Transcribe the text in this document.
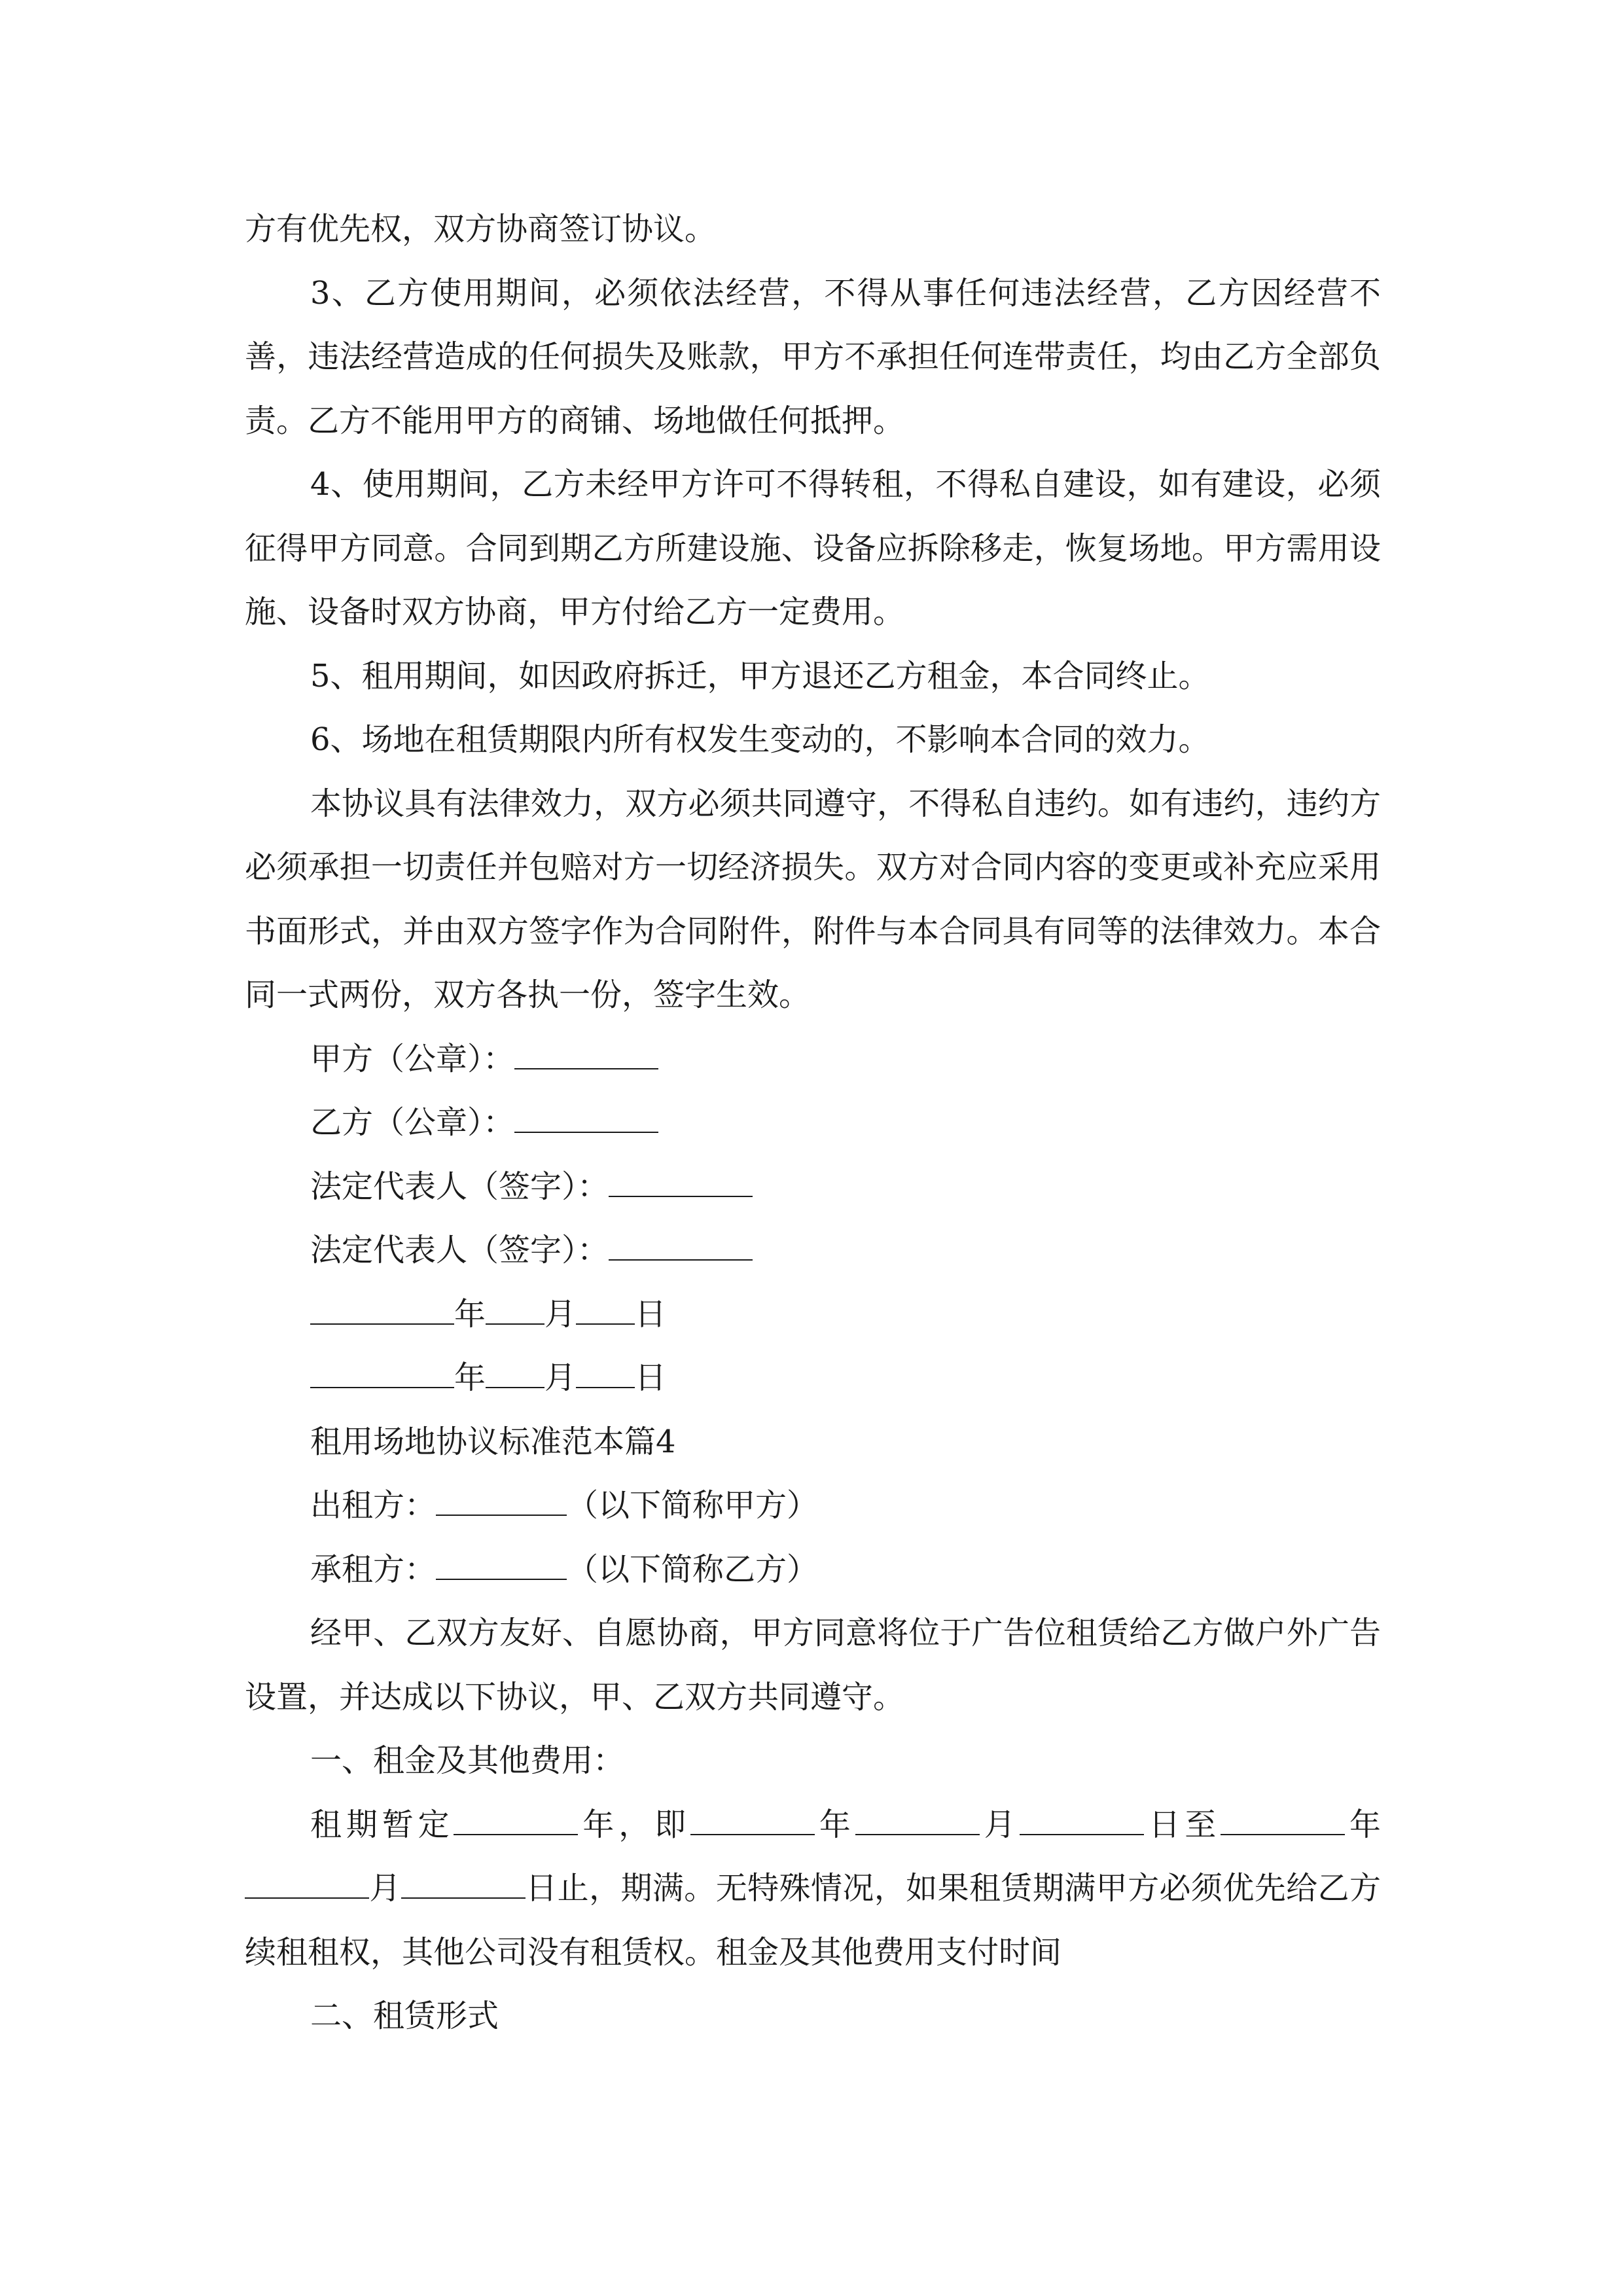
方有优先权，双方协商签订协议。

3、乙方使用期间，必须依法经营，不得从事任何违法经营，乙方因经营不善，违法经营造成的任何损失及账款，甲方不承担任何连带责任，均由乙方全部负责。乙方不能用甲方的商铺、场地做任何抵押。

4、使用期间，乙方未经甲方许可不得转租，不得私自建设，如有建设，必须征得甲方同意。合同到期乙方所建设施、设备应拆除移走，恢复场地。甲方需用设施、设备时双方协商，甲方付给乙方一定费用。

5、租用期间，如因政府拆迁，甲方退还乙方租金，本合同终止。

6、场地在租赁期限内所有权发生变动的，不影响本合同的效力。

本协议具有法律效力，双方必须共同遵守，不得私自违约。如有违约，违约方必须承担一切责任并包赔对方一切经济损失。双方对合同内容的变更或补充应采用书面形式，并由双方签字作为合同附件，附件与本合同具有同等的法律效力。本合同一式两份，双方各执一份，签字生效。

甲方（公章）：

乙方（公章）：

法定代表人（签字）：

法定代表人（签字）：

年 月 日

年 月 日

租用场地协议标准范本篇4

出租方：	（以下简称甲方）

承租方：	（以下简称乙方）

经甲、乙双方友好、自愿协商，甲方同意将位于广告位租赁给乙方做户外广告设置，并达成以下协议，甲、乙双方共同遵守。

一、租金及其他费用：

租期暂定	年，即	年	月	日至	年月	日止，期满。无特殊情况，如果租赁期满甲方必须优先给乙方续租租权，其他公司没有租赁权。租金及其他费用支付时间

二、租赁形式
